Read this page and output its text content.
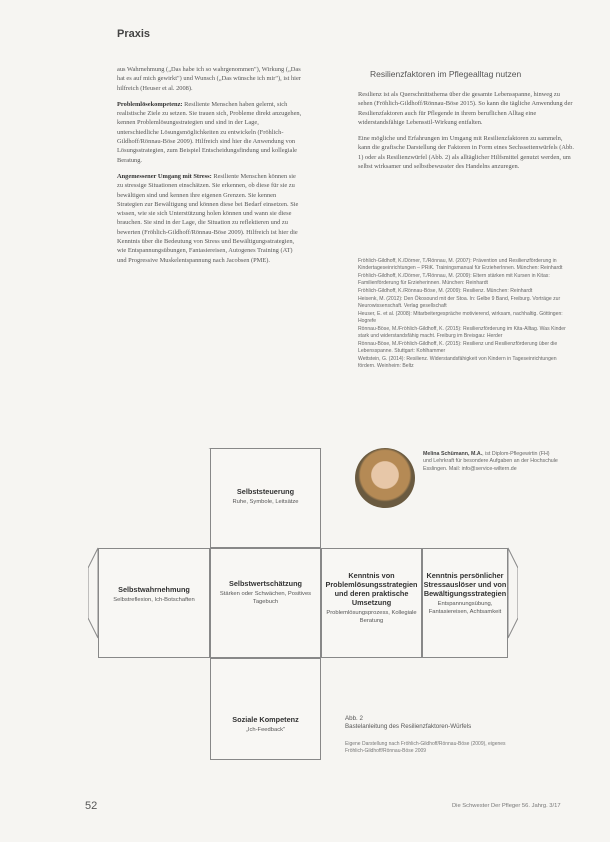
Praxis

aus Wahrnehmung („Das habe ich so wahrgenommen"), Wirkung („Das hat es auf mich gewirkt") und Wunsch („Das wünsche ich mir"), ist hier hilfreich (Heuser et al. 2008).

Problemlösekompetenz: Resiliente Menschen haben gelernt, sich realistische Ziele zu setzen. Sie trauen sich, Probleme direkt anzugehen, kennen Problemlösungsstrategien und sind in der Lage, unterschiedliche Lösungsmöglichkeiten zu entwickeln (Fröhlich-Gildhoff/Rönnau-Böse 2009). Hilfreich sind hier die Anwendung von Lösungsstrategien, zum Beispiel Entscheidungsfindung und kollegiale Beratung.

Angemessener Umgang mit Stress: Resiliente Menschen können sie zu stressige Situationen einschätzen. Sie erkennen, ob diese für sie zu bewältigen sind und kennen ihre eigenen Grenzen. Sie kennen Strategien zur Bewältigung und können diese bei Bedarf einsetzen. Sie wissen, wie sie sich Unterstützung holen können und wann sie diese brauchen. Sie sind in der Lage, die Situation zu reflektieren und zu bewerten (Fröhlich-Gildhoff/Rönnau-Böse 2009). Hilfreich ist hier die Kenntnis über die Bedeutung von Stress und Bewältigungsstrategien, wie Entspannungsübungen, Fantasiereisen, Autogenes Training (AT) und Progressive Muskelentspannung nach Jacobsen (PME).

Resilienzfaktoren im Pflegealltag nutzen

Resilienz ist als Querschnittsthema über die gesamte Lebensspanne, hinweg zu sehen (Fröhlich-Gildhoff/Rönnau-Böse 2015). So kann die tägliche Anwendung der Resilienzfaktoren auch für Pflegende in ihrem beruflichen Alltag eine widerstandsfähige Lebensstil-Wirkung entfalten.

Eine mögliche und Erfahrungen im Umgang mit Resilienzfaktoren zu sammeln, kann die grafische Darstellung der Faktoren in Form eines Sechsseitenwürfels (Abb. 1) oder als Resilienzwürfel (Abb. 2) als alltäglicher Hilfsmittel genutzt werden, um selbst wirksamer und selbstbewusster des Handelns anzuregen.

Fröhlich-Gildhoff, K./Dörner, T./Rönnau, M. (2007): Prävention und Resilienzförderung in Kindertageseinrichtungen – PRiK. Trainingsmanual für ErzieherInnen. München: Reinhardt
Fröhlich-Gildhoff, K./Dörner, T./Rönnau, M. (2009): Eltern stärken mit Kursen in Kitas: Familienförderung für Erzieherinnen. München: Reinhardt
Fröhlich-Gildhoff, K./Rönnau-Böse, M. (2009): Resilienz. München: Reinhardt
Heisenk, M. (2012): Den Ökosound mit der Stoa. In: Gelbe 9 Band, Freiburg. Vorträge zur Neurowissenschaft. Verlag gesellschaft
Heuser, E. et al. (2008): Mitarbeitergespräche motivierend, wirksam, nachhaltig. Göttingen: Hogrefe
Rönnau-Böse, M./Fröhlich-Gildhoff, K. (2015): Resilienzförderung im Kita-Alltag. Was Kinder stark und widerstandsfähig macht. Freiburg im Breisgau: Herder
Rönnau-Böse, M./Fröhlich-Gildhoff, K. (2015): Resilienz und Resilienzförderung über die Lebensspanne. Stuttgart: Kohlhammer
Wettstein, G. (2014): Resilienz. Widerstandsfähigkeit von Kindern in Tageseinrichtungen fördern. Weinheim: Beltz
Melina Schümann, M.A., ist Diplom-Pflegewirtin (FH) und Lehrkraft für besondere Aufgaben an der Hochschule Esslingen. Mail: info@service-wiltern.de
Selbststeuerung
Ruhe, Symbole, Leitsätze
Selbstwahrnehmung
Selbstreflexion, Ich-Botschaften
Selbstwertschätzung
Stärken oder Schwächen, Positives Tagebuch
Kenntnis von Problemlösungsstrategien und deren praktische Umsetzung
Problemlösungsprozess, Kollegiale Beratung
Kenntnis persönlicher Stressauslöser und von Bewältigungsstrategien
Entspannungsübung, Fantasiereisen, Achtsamkeit
Soziale Kompetenz
„Ich-Feedback"
Abb. 2
Bastelanleitung des Resilienzfaktoren-Würfels
Eigene Darstellung nach Fröhlich-Gildhoff/Rönnau-Böse (2009), eigenes Fröhlich-Gildhoff/Rönnau-Böse 2009
52	Die Schwester Der Pfleger 56. Jahrg. 3/17
